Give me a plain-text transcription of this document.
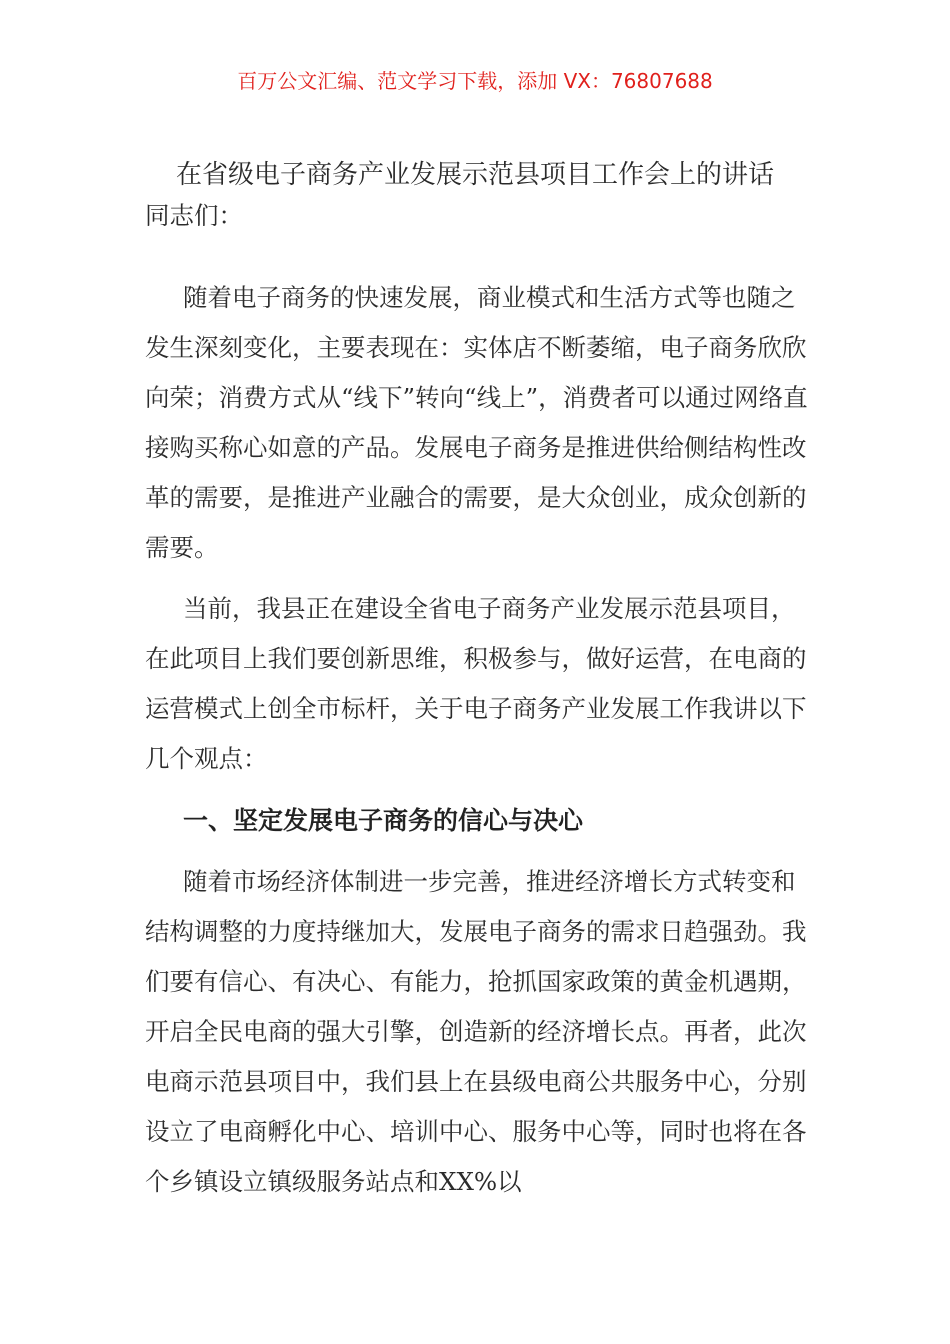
百万公文汇编、范文学习下载，添加 VX：76807688
在省级电子商务产业发展示范县项目工作会上的讲话
同志们：
随着电子商务的快速发展，商业模式和生活方式等也随之发生深刻变化，主要表现在：实体店不断萎缩，电子商务欣欣向荣；消费方式从“线下”转向“线上”，消费者可以通过网络直接购买称心如意的产品。发展电子商务是推进供给侧结构性改革的需要，是推进产业融合的需要，是大众创业，成众创新的需要。
当前，我县正在建设全省电子商务产业发展示范县项目，在此项目上我们要创新思维，积极参与，做好运营，在电商的运营模式上创全市标杆，关于电子商务产业发展工作我讲以下几个观点：
一、坚定发展电子商务的信心与决心
随着市场经济体制进一步完善，推进经济增长方式转变和结构调整的力度持继加大，发展电子商务的需求日趋强劲。我们要有信心、有决心、有能力，抢抓国家政策的黄金机遇期，开启全民电商的强大引擎，创造新的经济增长点。再者，此次电商示范县项目中，我们县上在县级电商公共服务中心，分别设立了电商孵化中心、培训中心、服务中心等，同时也将在各个乡镇设立镇级服务站点和XX%以
